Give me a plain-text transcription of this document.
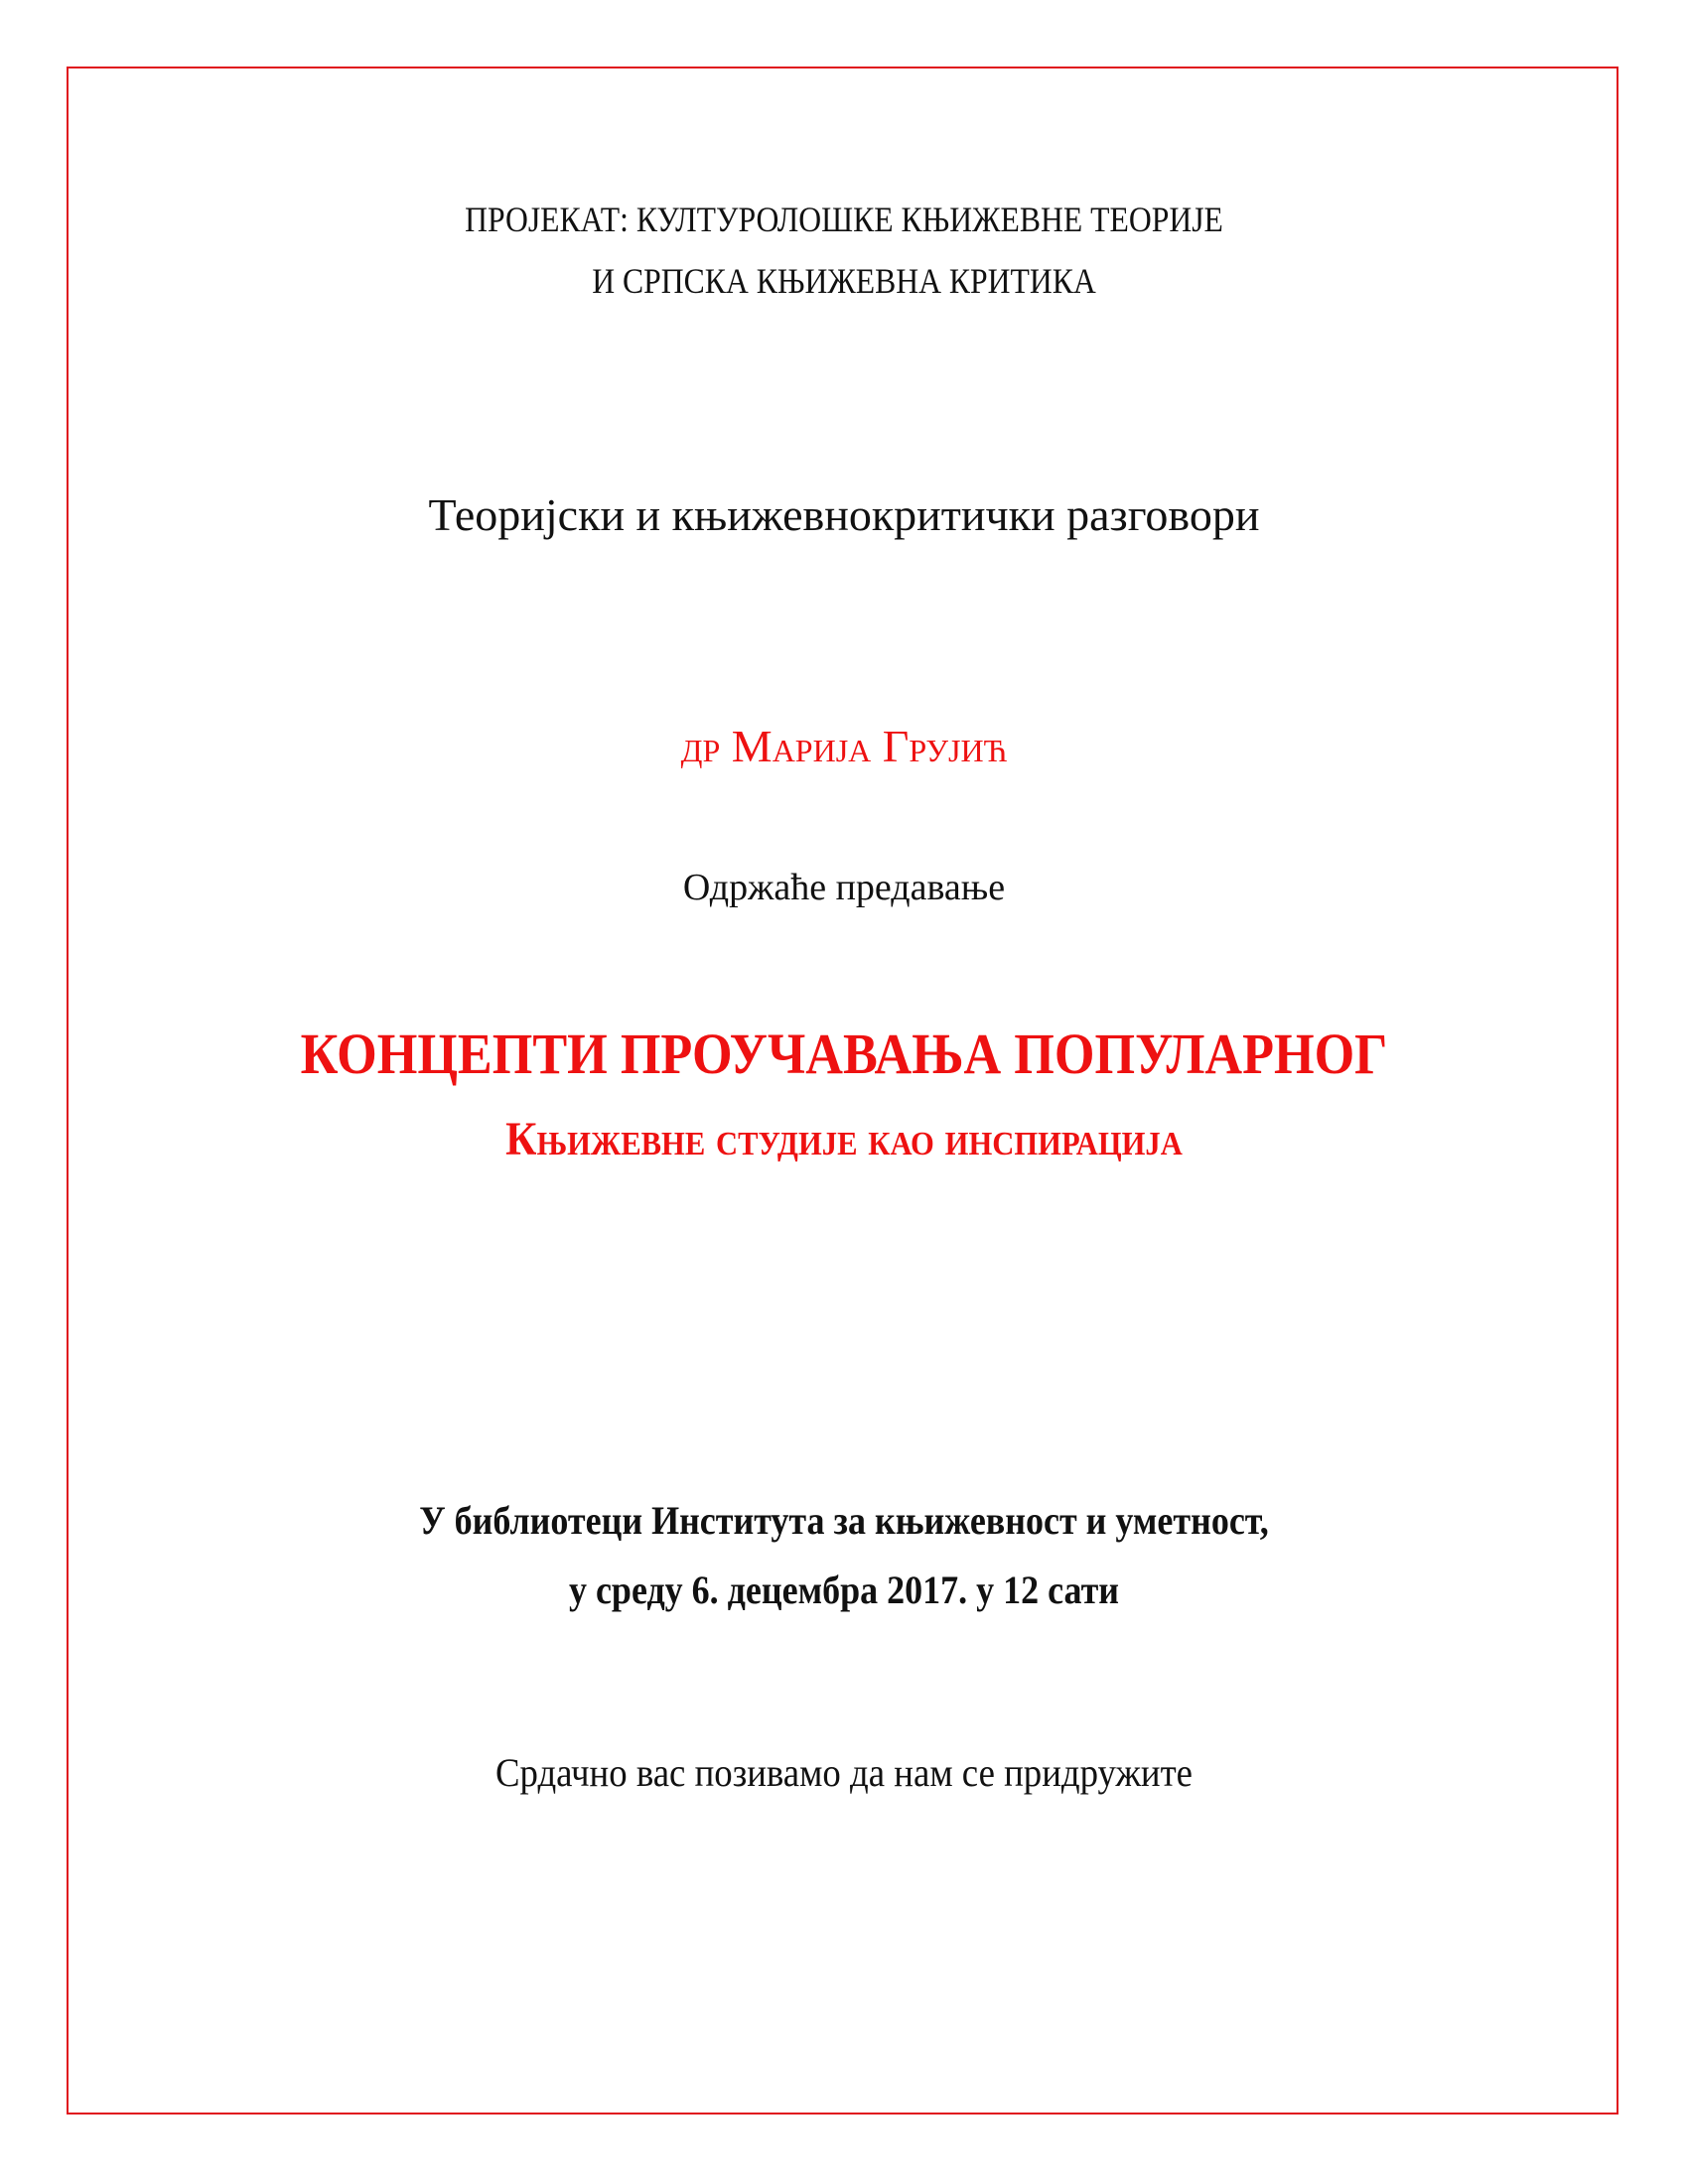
ПРОЈЕКАТ: КУЛТУРОЛОШКЕ КЊИЖЕВНЕ ТЕОРИЈЕ
И СРПСКА КЊИЖЕВНА КРИТИКА
Теоријски и књижевнокритички разговори
др Марија Грујић
Одржаће предавање
КОНЦЕПТИ ПРОУЧАВАЊА ПОПУЛАРНОГ
Књижевне студије као инспирација
У библиотеци Института за књижевност и уметност,
у среду 6. децембра 2017. у 12 сати
Срдачно вас позивамо да нам се придружите
